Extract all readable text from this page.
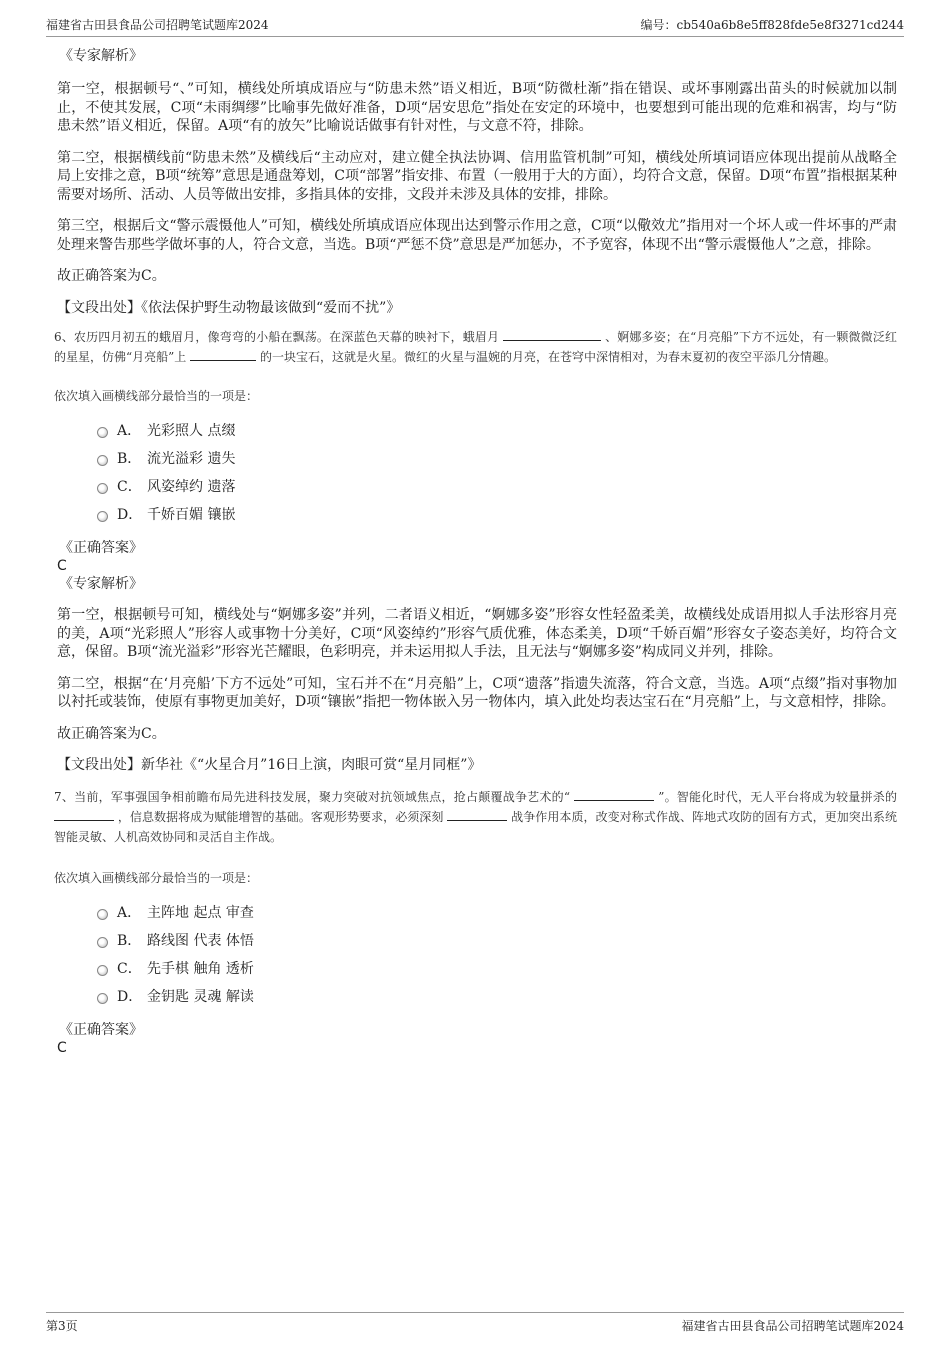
福建省古田县食品公司招聘笔试题库2024	编号：cb540a6b8e5ff828fde5e8f3271cd244
《专家解析》

第一空，根据顿号“、”可知，横线处所填成语应与“防患未然”语义相近，B项“防微杜渐”指在错误、或坏事刚露出苗头的时候就加以制止，不使其发展，C项“未雨绸缪”比喻事先做好准备，D项“居安思危”指处在安定的环境中，也要想到可能出现的危难和祸害，均与“防患未然”语义相近，保留。A项“有的放矢”比喻说话做事有针对性，与文意不符，排除。

第二空，根据横线前“防患未然”及横线后“主动应对，建立健全执法协调、信用监管机制”可知，横线处所填词语应体现出提前从战略全局上安排之意，B项“统筹”意思是通盘筹划，C项“部署”指安排、布置（一般用于大的方面），均符合文意，保留。D项“布置”指根据某种需要对场所、活动、人员等做出安排，多指具体的安排，文段并未涉及具体的安排，排除。

第三空，根据后文“警示震慑他人”可知，横线处所填成语应体现出达到警示作用之意，C项“以儆效尤”指用对一个坏人或一件坏事的严肃处理来警告那些学做坏事的人，符合文意，当选。B项“严惩不贷”意思是严加惩办，不予宽容，体现不出“警示震慑他人”之意，排除。

故正确答案为C。

【文段出处】《依法保护野生动物最该做到“爱而不扰”》

6、农历四月初五的蛾眉月，像弯弯的小船在飘荡。在深蓝色天幕的映衬下，蛾眉月	、婀娜多姿；在“月亮船”下方不远处，有一颗微微泛红的星星，仿佛“月亮船”上	的一块宝石，这就是火星。微红的火星与温婉的月亮，在苍穹中深情相对，为春末夏初的夜空平添几分情趣。

依次填入画横线部分最恰当的一项是：
A． 光彩照人 点缀
B． 流光溢彩 遗失
C． 风姿绰约 遗落
D． 千娇百媚 镶嵌
《正确答案》
C
《专家解析》

第一空，根据顿号可知，横线处与“婀娜多姿”并列，二者语义相近，“婀娜多姿”形容女性轻盈柔美，故横线处成语用拟人手法形容月亮的美，A项“光彩照人”形容人或事物十分美好，C项“风姿绰约”形容气质优雅，体态柔美，D项“千娇百媚”形容女子姿态美好，均符合文意，保留。B项“流光溢彩”形容光芒耀眼，色彩明亮，并未运用拟人手法，且无法与“婀娜多姿”构成同义并列，排除。

第二空，根据“在‘月亮船’下方不远处”可知，宝石并不在“月亮船”上，C项“遗落”指遗失流落，符合文意，当选。A项“点缀”指对事物加以衬托或装饰，使原有事物更加美好，D项“镶嵌”指把一物体嵌入另一物体内，填入此处均表达宝石在“月亮船”上，与文意相悖，排除。

故正确答案为C。

【文段出处】新华社《“火星合月”16日上演，肉眼可赏“星月同框”》

7、当前，军事强国争相前瞻布局先进科技发展，聚力突破对抗领域焦点，抢占颠覆战争艺术的“	”。智能化时代，无人平台将成为较量拼杀的  ，信息数据将成为赋能增智的基础。客观形势要求，必须深刻	战争作用本质，改变对称式作战、阵地式攻防的固有方式，更加突出系统智能灵敏、人机高效协同和灵活自主作战。

依次填入画横线部分最恰当的一项是：
A． 主阵地 起点 审查
B． 路线图 代表 体悟
C． 先手棋 触角 透析
D． 金钥匙 灵魂 解读
《正确答案》
C
第3页	福建省古田县食品公司招聘笔试题库2024
